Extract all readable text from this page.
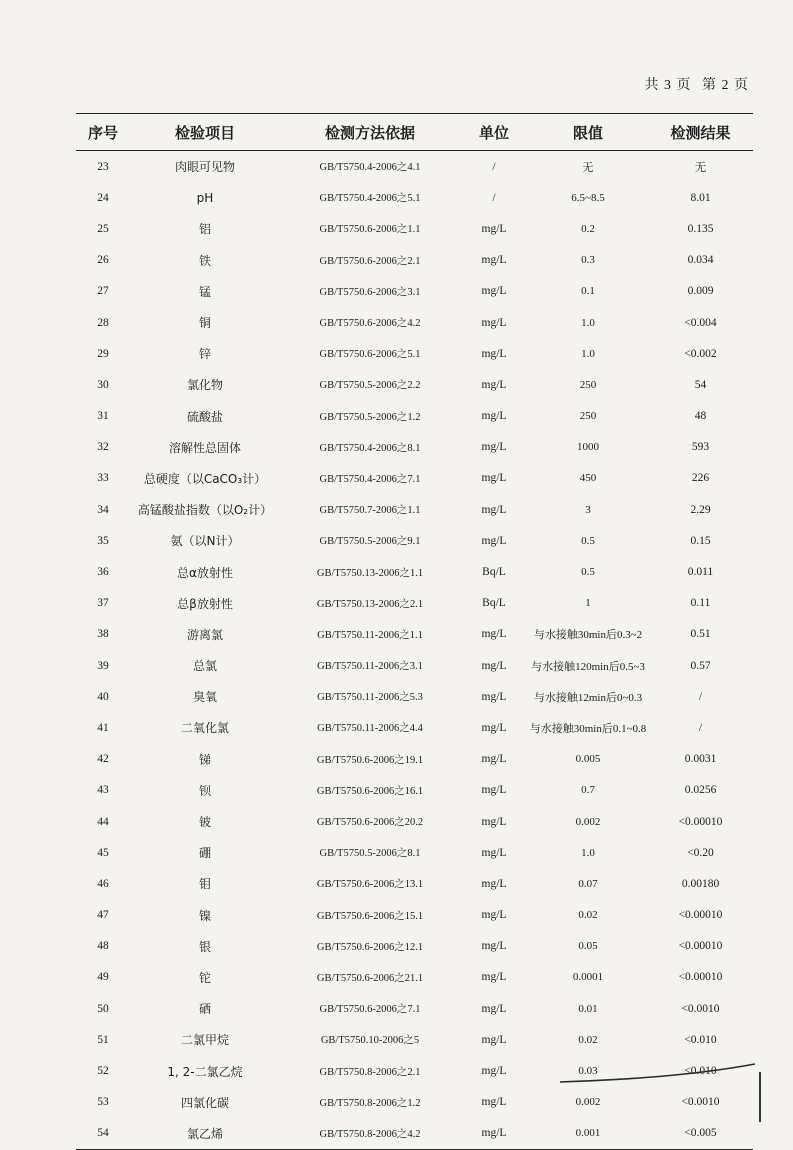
共 3 页 第 2 页
序号	检验项目	检测方法依据	单位	限值	检测结果
23	肉眼可见物	GB/T5750.4-2006之4.1	/	无	无
24	pH	GB/T5750.4-2006之5.1	/	6.5~8.5	8.01
25	铝	GB/T5750.6-2006之1.1	mg/L	0.2	0.135
26	铁	GB/T5750.6-2006之2.1	mg/L	0.3	0.034
27	锰	GB/T5750.6-2006之3.1	mg/L	0.1	0.009
28	铜	GB/T5750.6-2006之4.2	mg/L	1.0	<0.004
29	锌	GB/T5750.6-2006之5.1	mg/L	1.0	<0.002
30	氯化物	GB/T5750.5-2006之2.2	mg/L	250	54
31	硫酸盐	GB/T5750.5-2006之1.2	mg/L	250	48
32	溶解性总固体	GB/T5750.4-2006之8.1	mg/L	1000	593
33	总硬度（以CaCO₃计）	GB/T5750.4-2006之7.1	mg/L	450	226
34	高锰酸盐指数（以O₂计）	GB/T5750.7-2006之1.1	mg/L	3	2.29
35	氨（以N计）	GB/T5750.5-2006之9.1	mg/L	0.5	0.15
36	总α放射性	GB/T5750.13-2006之1.1	Bq/L	0.5	0.011
37	总β放射性	GB/T5750.13-2006之2.1	Bq/L	1	0.11
38	游离氯	GB/T5750.11-2006之1.1	mg/L	与水接触30min后0.3~2	0.51
39	总氯	GB/T5750.11-2006之3.1	mg/L	与水接触120min后0.5~3	0.57
40	臭氧	GB/T5750.11-2006之5.3	mg/L	与水接触12min后0~0.3	/
41	二氧化氯	GB/T5750.11-2006之4.4	mg/L	与水接触30min后0.1~0.8	/
42	锑	GB/T5750.6-2006之19.1	mg/L	0.005	0.0031
43	钡	GB/T5750.6-2006之16.1	mg/L	0.7	0.0256
44	铍	GB/T5750.6-2006之20.2	mg/L	0.002	<0.00010
45	硼	GB/T5750.5-2006之8.1	mg/L	1.0	<0.20
46	钼	GB/T5750.6-2006之13.1	mg/L	0.07	0.00180
47	镍	GB/T5750.6-2006之15.1	mg/L	0.02	<0.00010
48	银	GB/T5750.6-2006之12.1	mg/L	0.05	<0.00010
49	铊	GB/T5750.6-2006之21.1	mg/L	0.0001	<0.00010
50	硒	GB/T5750.6-2006之7.1	mg/L	0.01	<0.0010
51	二氯甲烷	GB/T5750.10-2006之5	mg/L	0.02	<0.010
52	1, 2-二氯乙烷	GB/T5750.8-2006之2.1	mg/L	0.03	<0.010
53	四氯化碳	GB/T5750.8-2006之1.2	mg/L	0.002	<0.0010
54	氯乙烯	GB/T5750.8-2006之4.2	mg/L	0.001	<0.005
